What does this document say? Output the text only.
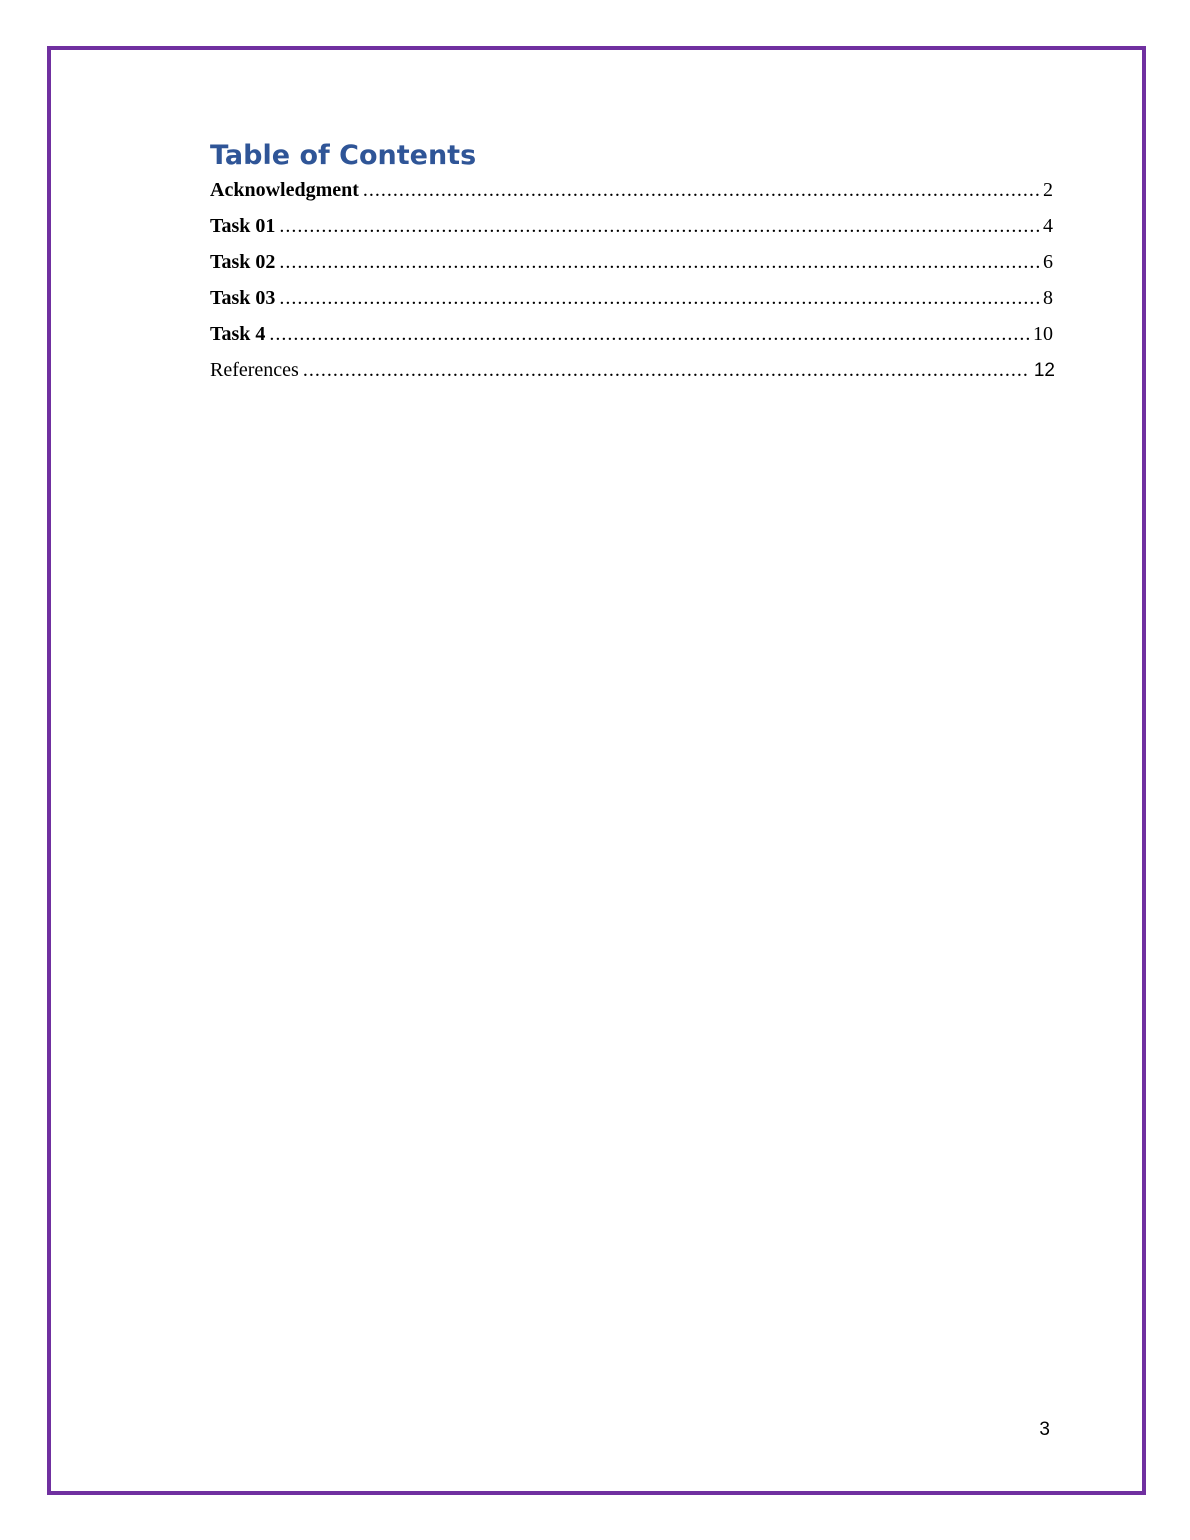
Table of Contents
Acknowledgment .....	2
Task 01 .....	4
Task 02 .....	6
Task 03 .....	8
Task 4 .....	10
References .....	12
3
